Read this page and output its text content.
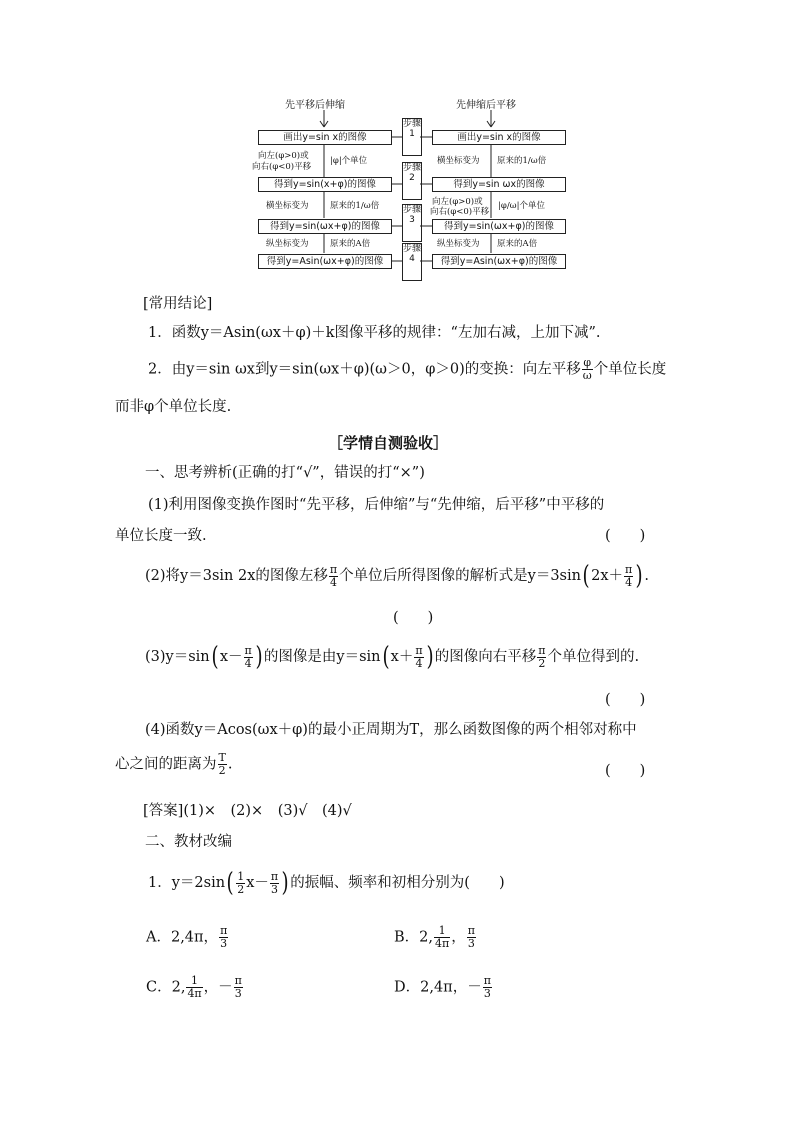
先平移后伸缩	先伸缩后平移
画出y=sin x的图像
向左(φ>0)或
向右(φ<0)平移
|φ|个单位
得到y=sin(x+φ)的图像
横坐标变为	原来的1/ω倍
得到y=sin(ωx+φ)的图像
纵坐标变为	原来的A倍
得到y=Asin(ωx+φ)的图像
步骤1
步骤2
步骤3
步骤4
画出y=sin x的图像
横坐标变为 原来的1/ω倍
得到y=sin ωx的图像
向左(φ>0)或
向右(φ<0)平移
|φ/ω|个单位
得到y=sin(ωx+φ)的图像
纵坐标变为 原来的A倍
得到y=Asin(ωx+φ)的图像
[常用结论]
1．函数y＝Asin(ωx＋φ)＋k图像平移的规律：“左加右减，上加下减”.
2．由y＝sin ωx到y＝sin(ωx＋φ)(ω＞0，φ＞0)的变换：向左平移 $\frac{\varphi}{\omega}$ 个单位长度
而非φ个单位长度.
［学情自测验收］
一、思考辨析(正确的打“√”，错误的打“×”)
(1)利用图像变换作图时“先平移，后伸缩”与“先伸缩，后平移”中平移的
单位长度一致.	(　　)
(2)将y＝3sin 2x的图像左移 $\frac{\pi}{4}$ 个单位后所得图像的解析式是y＝3sin( $2x+ \frac{\pi}{4}$ ) .
(　　)
(3)y＝sin( $x- \frac{\pi}{4}$ ) 的图像是由y＝sin( $x+ \frac{\pi}{4}$ ) 的图像向右平移 $\frac{\pi}{2}$ 个单位得到的.
(　　)
(4)函数y＝Acos(ωx＋φ)的最小正周期为T，那么函数图像的两个相邻对称中
心之间的距离为 $\frac{T}{2}$ .	(　　)
[答案](1)×　(2)×　(3)√　(4)√
二、教材改编
1．$y=2\sin( \frac{1}{2} x- \frac{\pi}{3}$ ) 的振幅、频率和初相分别为(　　)
A．2,4π， $\frac{\pi}{3}$	B．2, $\frac{1}{4\pi}$ ， $\frac{\pi}{3}$
C．2, $\frac{1}{4\pi}$ ，－ $\frac{\pi}{3}$	D．2,4π，－ $\frac{\pi}{3}$
